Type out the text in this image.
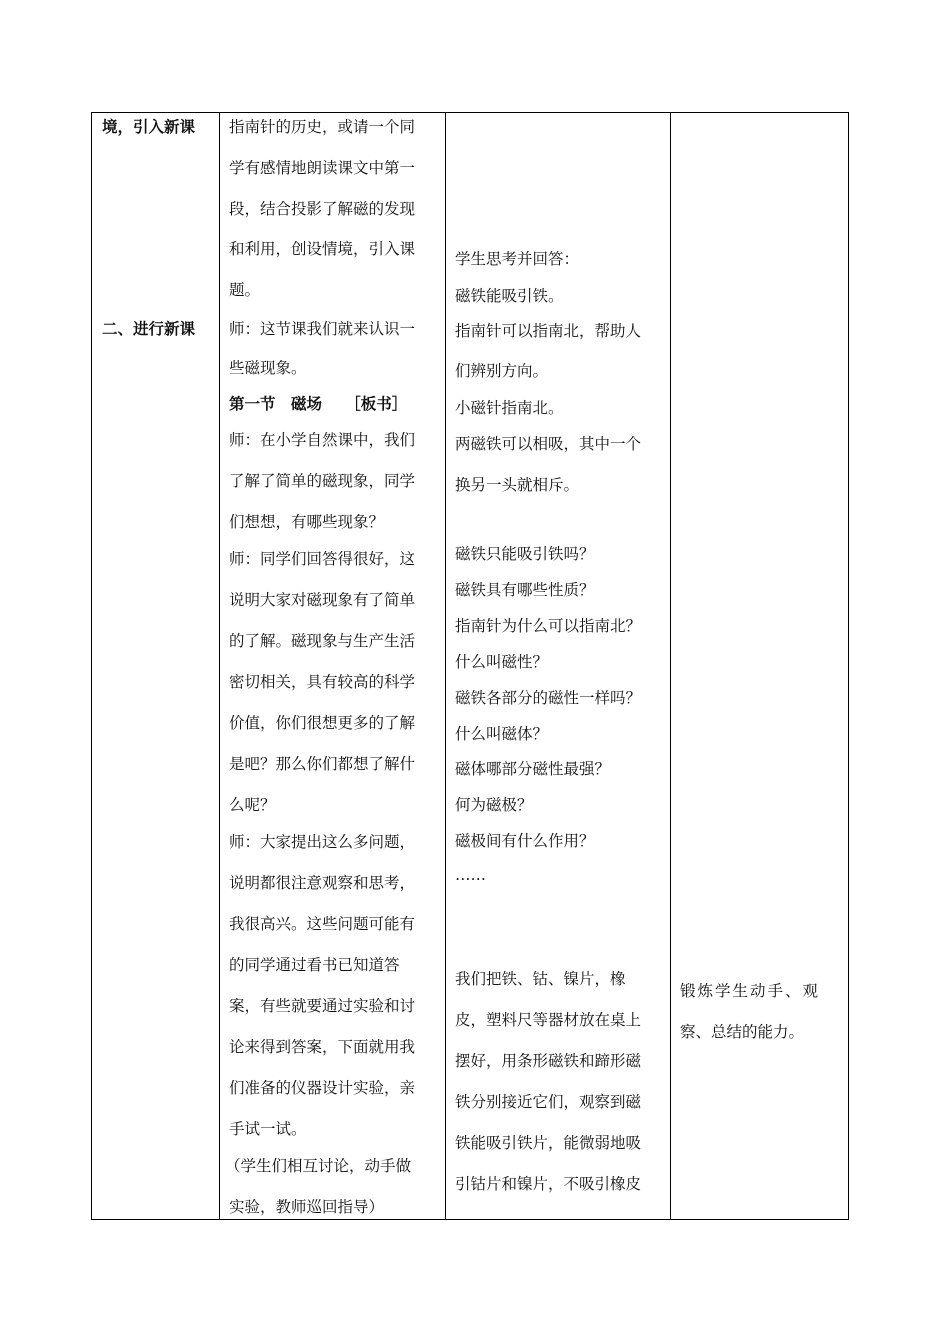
境，引入新课
二、进行新课
指南针的历史，或请一个同
学有感情地朗读课文中第一
段，结合投影了解磁的发现
和利用，创设情境，引入课
题。
师：这节课我们就来认识一
些磁现象。
第一节　磁场　　［板书］
师：在小学自然课中，我们
了解了简单的磁现象，同学
们想想，有哪些现象？
师：同学们回答得很好，这
说明大家对磁现象有了简单
的了解。磁现象与生产生活
密切相关，具有较高的科学
价值，你们很想更多的了解
是吧？那么你们都想了解什
么呢？
师：大家提出这么多问题，
说明都很注意观察和思考，
我很高兴。这些问题可能有
的同学通过看书已知道答
案，有些就要通过实验和讨
论来得到答案，下面就用我
们准备的仪器设计实验，亲
手试一试。
（学生们相互讨论，动手做
实验，教师巡回指导）
学生思考并回答：
磁铁能吸引铁。
指南针可以指南北，帮助人
们辨别方向。
小磁针指南北。
两磁铁可以相吸，其中一个
换另一头就相斥。
磁铁只能吸引铁吗？
磁铁具有哪些性质？
指南针为什么可以指南北？
什么叫磁性？
磁铁各部分的磁性一样吗？
什么叫磁体？
磁体哪部分磁性最强？
何为磁极？
磁极间有什么作用？
……
我们把铁、钴、镍片，橡
皮，塑料尺等器材放在桌上
摆好，用条形磁铁和蹄形磁
铁分别接近它们，观察到磁
铁能吸引铁片，能微弱地吸
引钴片和镍片，不吸引橡皮
锻炼学生动手、观
察、总结的能力。
